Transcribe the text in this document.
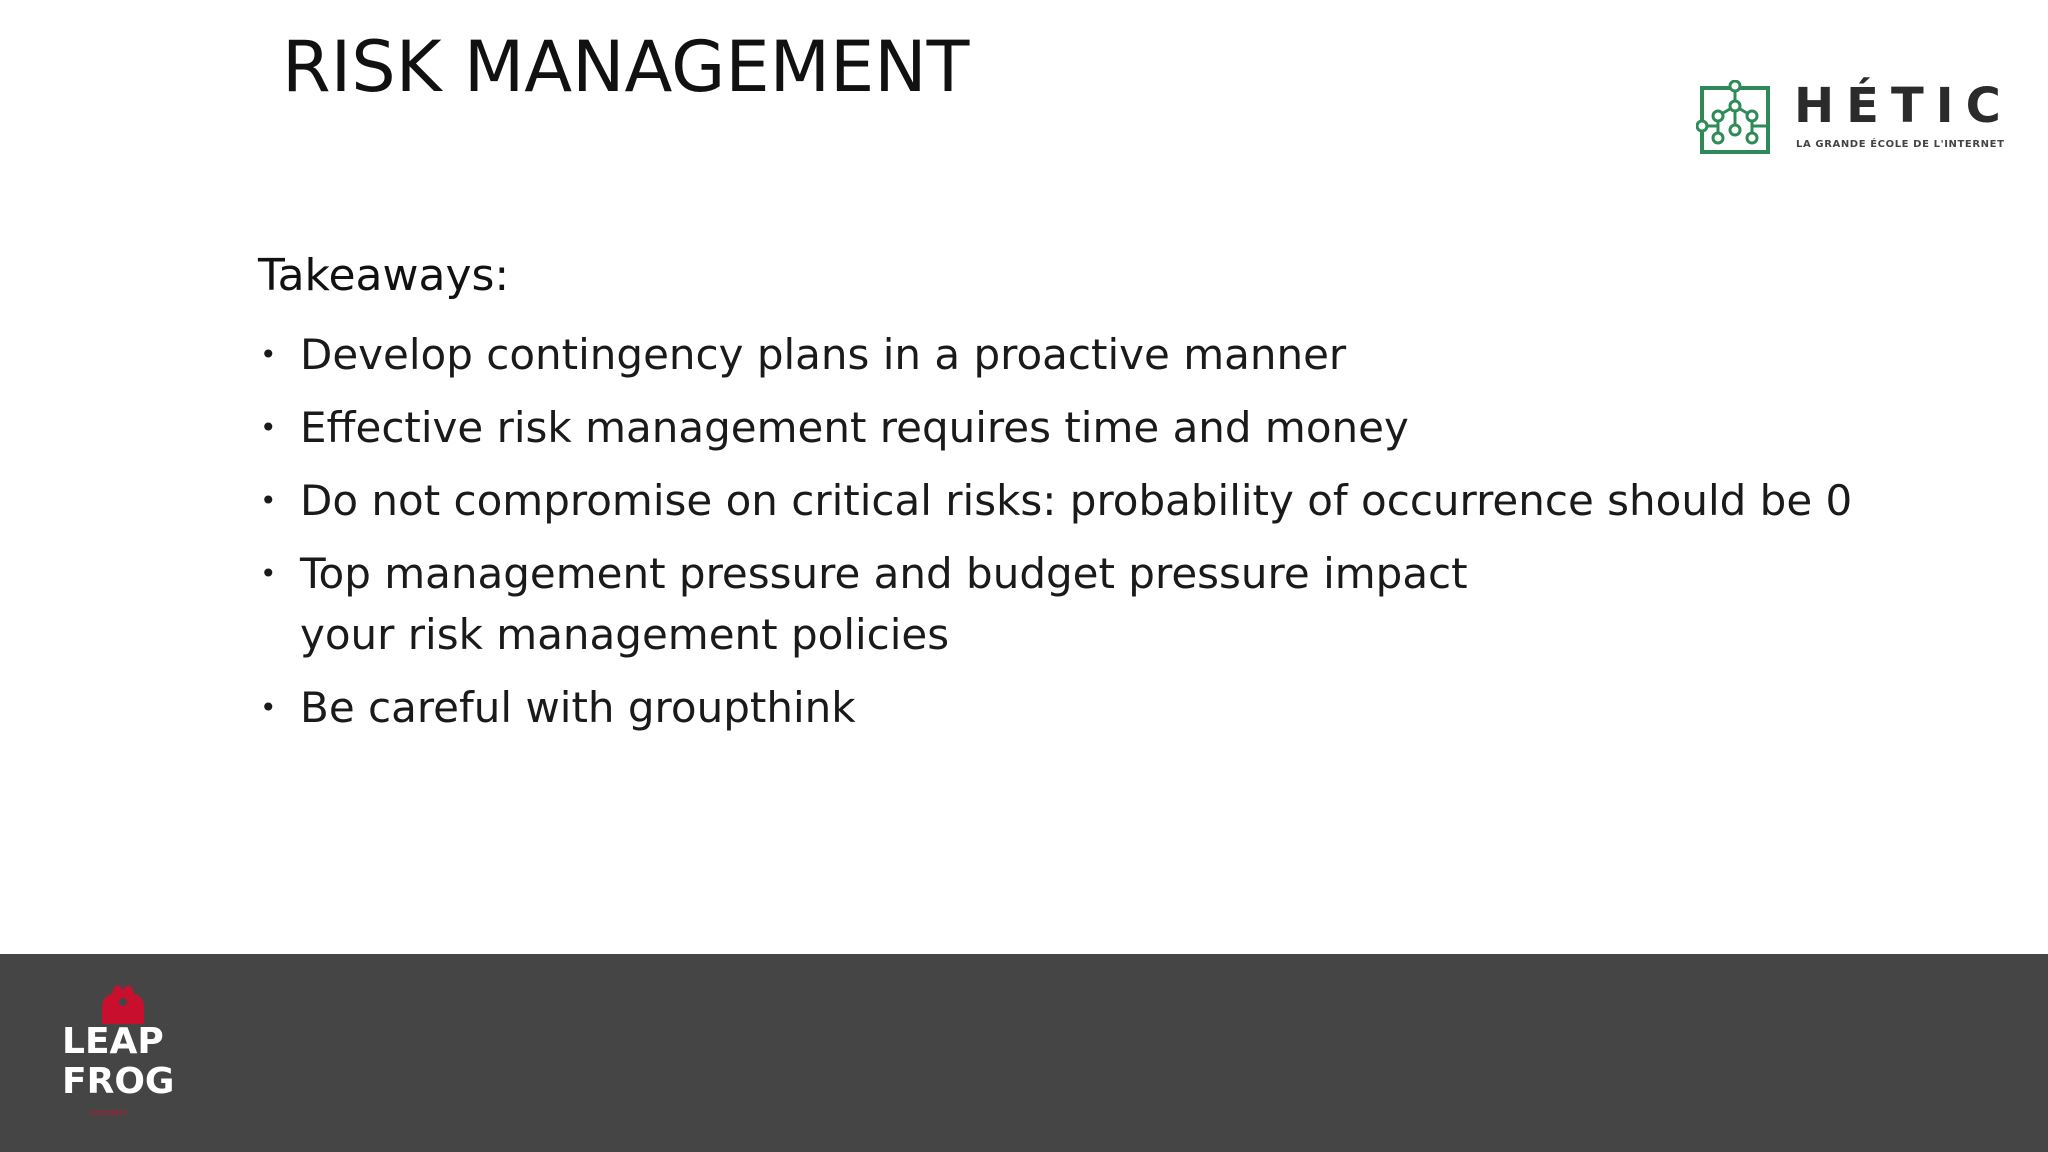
RISK MANAGEMENT	HÉTIC
LA GRANDE ÉCOLE DE L'INTERNET
Takeaways:
• Develop contingency plans in a proactive manner
• Effective risk management requires time and money
• Do not compromise on critical risks: probability of occurrence should be 0
• Top management pressure and budget pressure impact your risk management policies
• Be careful with groupthink
LEAP
FROG
ACADEMY
